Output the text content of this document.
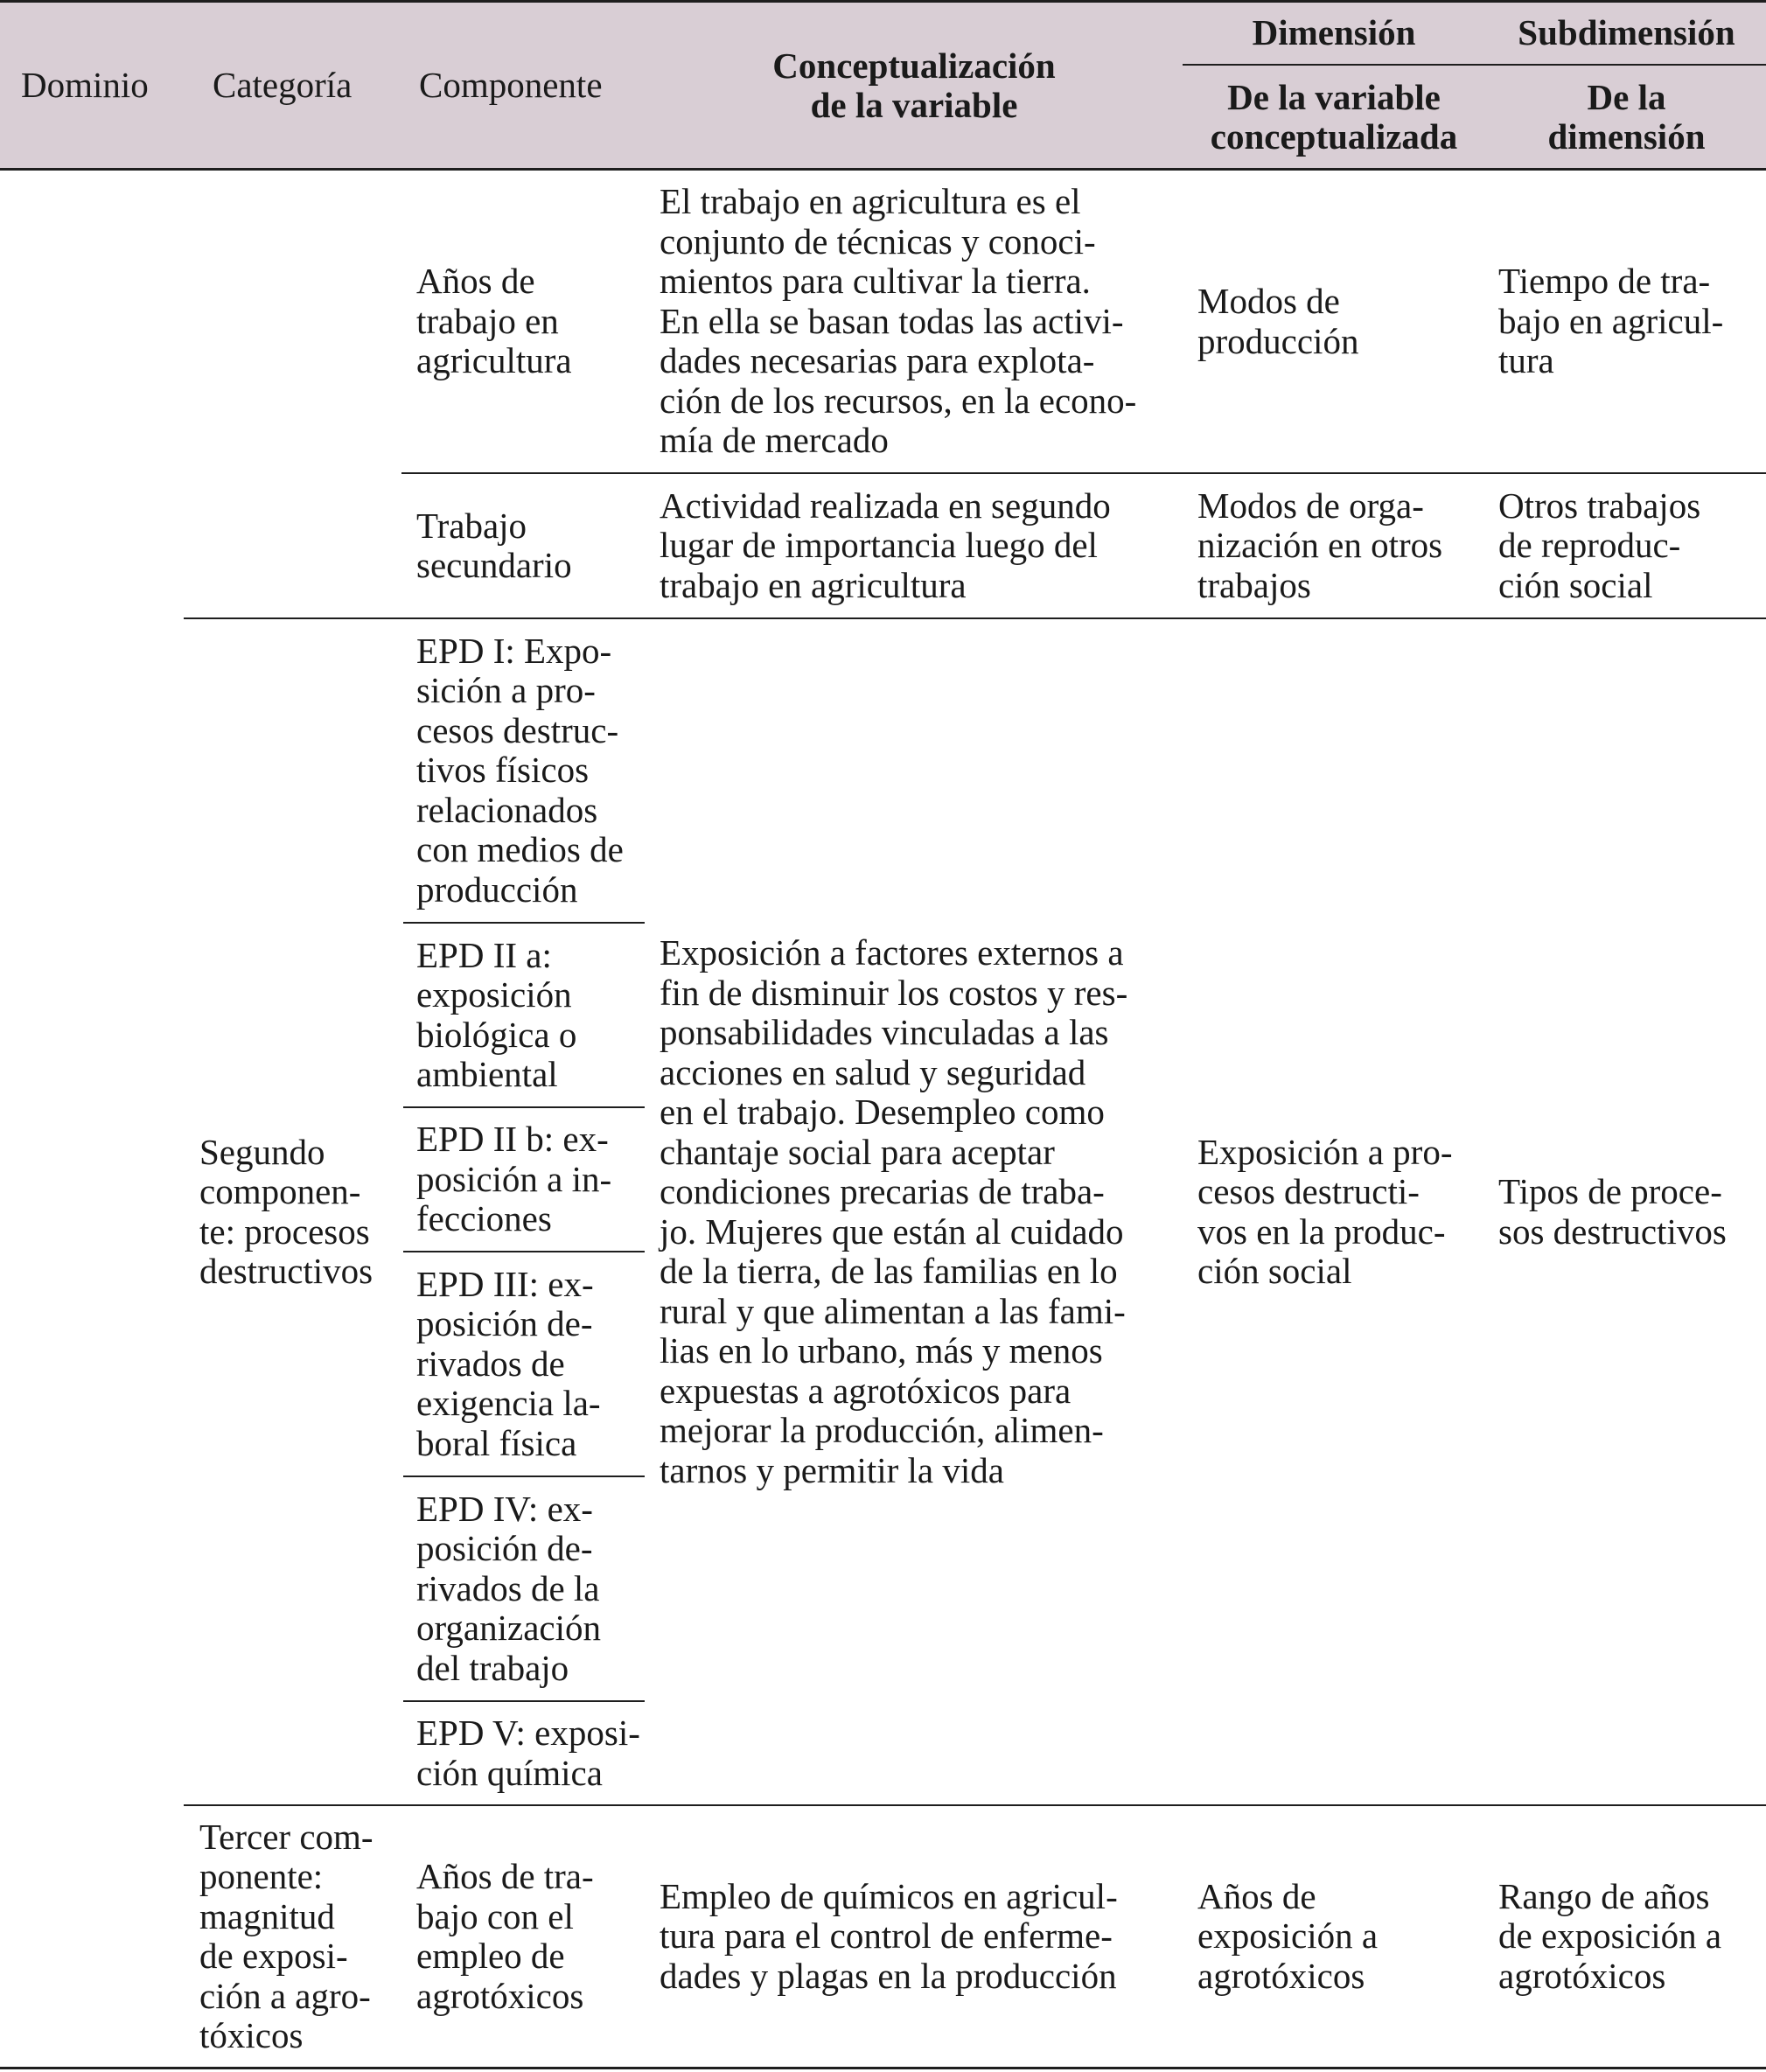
Dominio Categoría Componente	Conceptualización
de la variable
Dimensión	Subdimensión
De la variable
conceptualizada
De la
dimensión
Años de
trabajo en
agricultura
El trabajo en agricultura es el
conjunto de técnicas y conoci-
mientos para cultivar la tierra.
En ella se basan todas las activi-
dades necesarias para explota-
ción de los recursos, en la econo-
mía de mercado
Modos de
producción
Tiempo de tra-
bajo en agricul-
tura
Trabajo
secundario
Actividad realizada en segundo
lugar de importancia luego del
trabajo en agricultura
Modos de orga-
nización en otros
trabajos
Otros trabajos
de reproduc-
ción social
Segundo
componen-
te: procesos
destructivos
EPD I: Expo-
sición a pro-
cesos destruc-
tivos físicos
relacionados
con medios de
producción
EPD II a:
exposición
biológica o
ambiental
EPD II b: ex-
posición a in-
fecciones
EPD III: ex-
posición de-
rivados de
exigencia la-
boral física
EPD IV: ex-
posición de-
rivados de la
organización
del trabajo
EPD V: exposi-
ción química
Exposición a factores externos a
fin de disminuir los costos y res-
ponsabilidades vinculadas a las
acciones en salud y seguridad
en el trabajo. Desempleo como
chantaje social para aceptar
condiciones precarias de traba-
jo. Mujeres que están al cuidado
de la tierra, de las familias en lo
rural y que alimentan a las fami-
lias en lo urbano, más y menos
expuestas a agrotóxicos para
mejorar la producción, alimen-
tarnos y permitir la vida
Exposición a pro-
cesos destructi-
vos en la produc-
ción social
Tipos de proce-
sos destructivos
Tercer com-
ponente:
magnitud
de exposi-
ción a agro-
tóxicos
Años de tra-
bajo con el
empleo de
agrotóxicos
Empleo de químicos en agricul-
tura para el control de enferme-
dades y plagas en la producción
Años de
exposición a
agrotóxicos
Rango de años
de exposición a
agrotóxicos
